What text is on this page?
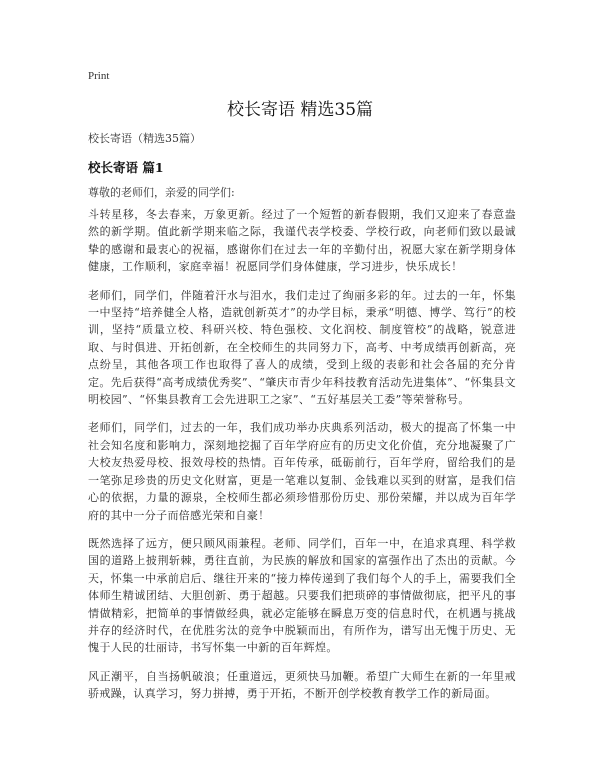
Print
校长寄语 精选35篇
校长寄语（精选35篇）
校长寄语 篇1
尊敬的老师们，亲爱的同学们:

斗转星移，冬去春来，万象更新。经过了一个短暂的新春假期，我们又迎来了春意盎然的新学期。值此新学期来临之际，我谨代表学校委、学校行政，向老师们致以最诚挚的感谢和最衷心的祝福，感谢你们在过去一年的辛勤付出，祝愿大家在新学期身体健康，工作顺利，家庭幸福！祝愿同学们身体健康，学习进步，快乐成长！

老师们，同学们，伴随着汗水与泪水，我们走过了绚丽多彩的年。过去的一年，怀集一中坚持“培养健全人格，造就创新英才”的办学目标，秉承“明德、博学、笃行”的校训，坚持“质量立校、科研兴校、特色强校、文化润校、制度管校”的战略，锐意进取、与时俱进、开拓创新，在全校师生的共同努力下，高考、中考成绩再创新高，亮点纷呈，其他各项工作也取得了喜人的成绩，受到上级的表彰和社会各届的充分肯定。先后获得“高考成绩优秀奖”、“肇庆市青少年科技教育活动先进集体”、“怀集县文明校园”、“怀集县教育工会先进职工之家”、“五好基层关工委”等荣誉称号。

老师们，同学们，过去的一年，我们成功举办庆典系列活动，极大的提高了怀集一中社会知名度和影响力，深刻地挖掘了百年学府应有的历史文化价值，充分地凝聚了广大校友热爱母校、报效母校的热情。百年传承，砥砺前行，百年学府，留给我们的是一笔弥足珍贵的历史文化财富，更是一笔难以复制、金钱难以买到的财富，是我们信心的依据，力量的源泉，全校师生都必须珍惜那份历史、那份荣耀，并以成为百年学府的其中一分子而倍感光荣和自豪！

既然选择了远方，便只顾风雨兼程。老师、同学们，百年一中，在追求真理、科学救国的道路上披荆斩棘，勇往直前，为民族的解放和国家的富强作出了杰出的贡献。今天，怀集一中承前启后、继往开来的“接力棒传递到了我们每个人的手上，需要我们全体师生精诚团结、大胆创新、勇于超越。只要我们把琐碎的事情做彻底，把平凡的事情做精彩，把简单的事情做经典，就必定能够在瞬息万变的信息时代，在机遇与挑战并存的经济时代，在优胜劣汰的竞争中脱颖而出，有所作为，谱写出无愧于历史、无愧于人民的壮丽诗，书写怀集一中新的百年辉煌。

风正潮平，自当扬帆破浪；任重道远，更须快马加鞭。希望广大师生在新的一年里戒骄戒躁，认真学习，努力拼搏，勇于开拓，不断开创学校教育教学工作的新局面。
